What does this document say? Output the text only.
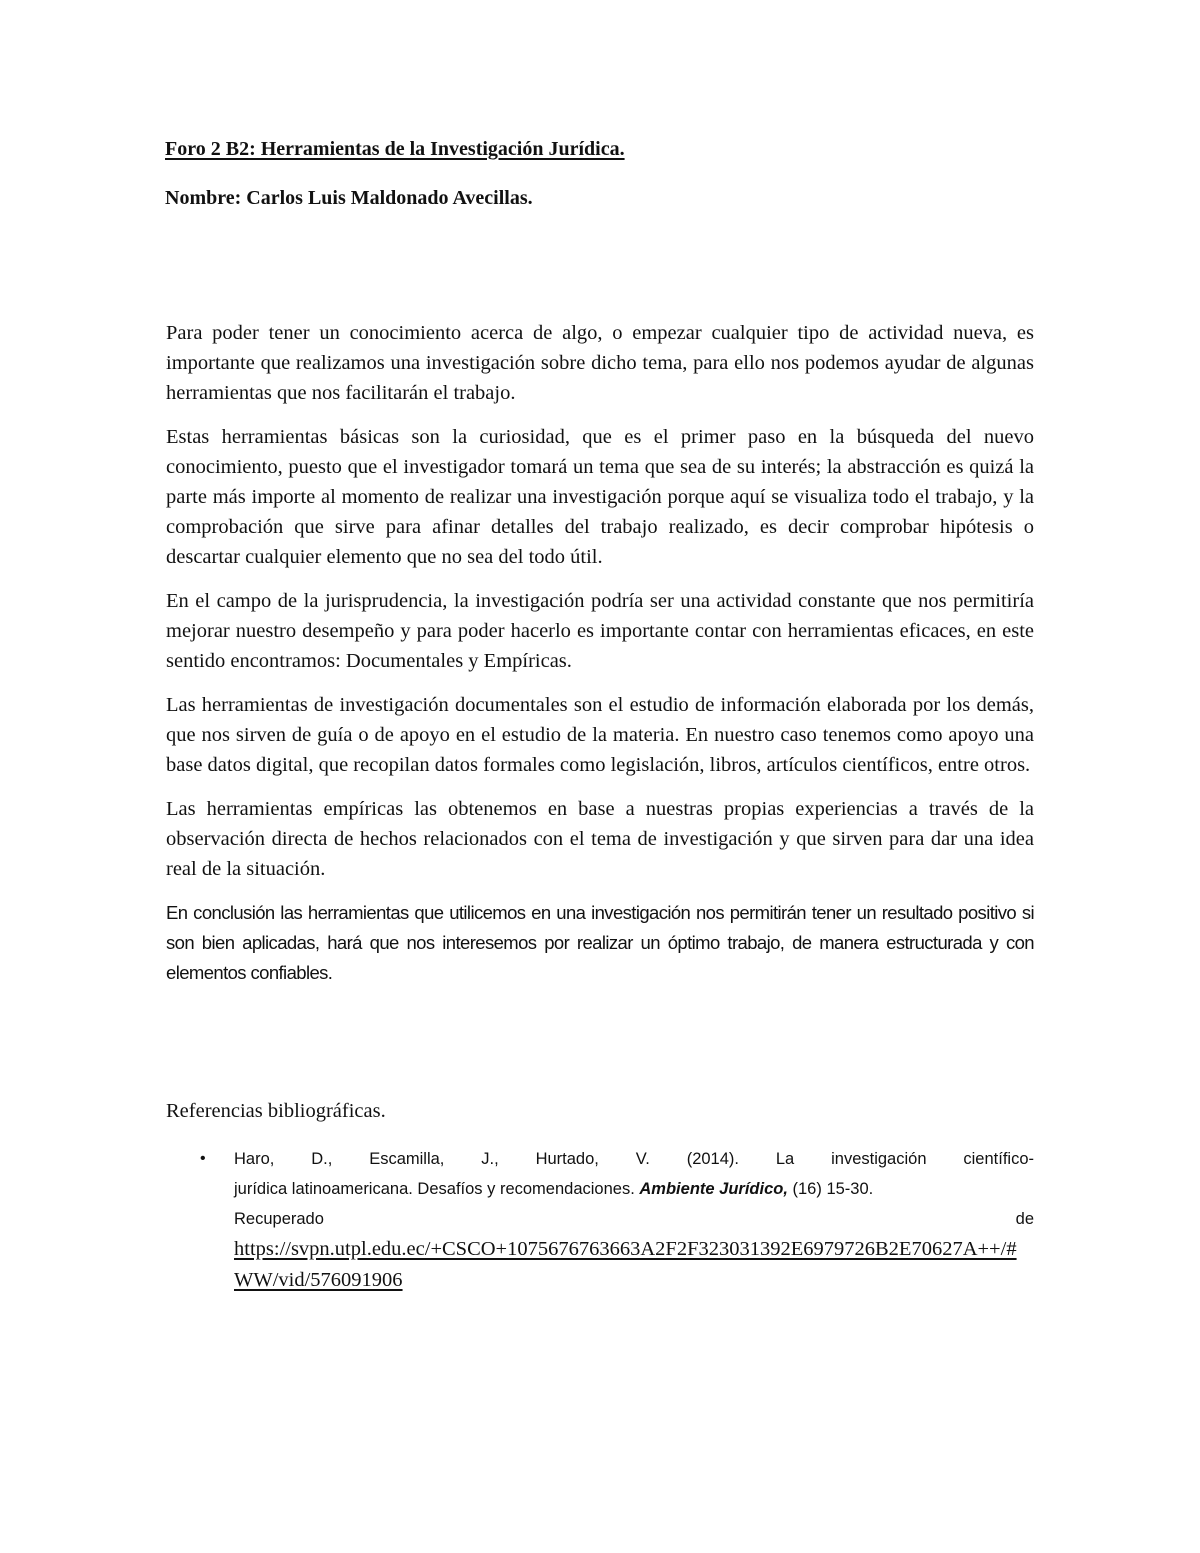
Foro 2 B2: Herramientas de la Investigación Jurídica.
Nombre: Carlos Luis Maldonado Avecillas.

Para poder tener un conocimiento acerca de algo, o empezar cualquier tipo de actividad nueva, es importante que realizamos una investigación sobre dicho tema, para ello nos podemos ayudar de algunas herramientas que nos facilitarán el trabajo.

Estas herramientas básicas son la curiosidad, que es el primer paso en la búsqueda del nuevo conocimiento, puesto que el investigador tomará un tema que sea de su interés; la abstracción es quizá la parte más importe al momento de realizar una investigación porque aquí se visualiza todo el trabajo, y la comprobación que sirve para afinar detalles del trabajo realizado, es decir comprobar hipótesis o descartar cualquier elemento que no sea del todo útil.

En el campo de la jurisprudencia, la investigación podría ser una actividad constante que nos permitiría mejorar nuestro desempeño y para poder hacerlo es importante contar con herramientas eficaces, en este sentido encontramos: Documentales y Empíricas.

Las herramientas de investigación documentales son el estudio de información elaborada por los demás, que nos sirven de guía o de apoyo en el estudio de la materia. En nuestro caso tenemos como apoyo una base datos digital, que recopilan datos formales como legislación, libros, artículos científicos, entre otros.

Las herramientas empíricas las obtenemos en base a nuestras propias experiencias a través de la observación directa de hechos relacionados con el tema de investigación y que sirven para dar una idea real de la situación.

En conclusión las herramientas que utilicemos en una investigación nos permitirán tener un resultado positivo si son bien aplicadas, hará que nos interesemos por realizar un óptimo trabajo, de manera estructurada y con elementos confiables.

Referencias bibliográficas.
• Haro, D., Escamilla, J., Hurtado, V. (2014). La investigación científico-
jurídica latinoamericana. Desafíos y recomendaciones. Ambiente Jurídico, (16) 15-30.
Recuperado de
https://svpn.utpl.edu.ec/+CSCO+1075676763663A2F2F323031392E6979726B2E70627A++/#WW/vid/576091906
